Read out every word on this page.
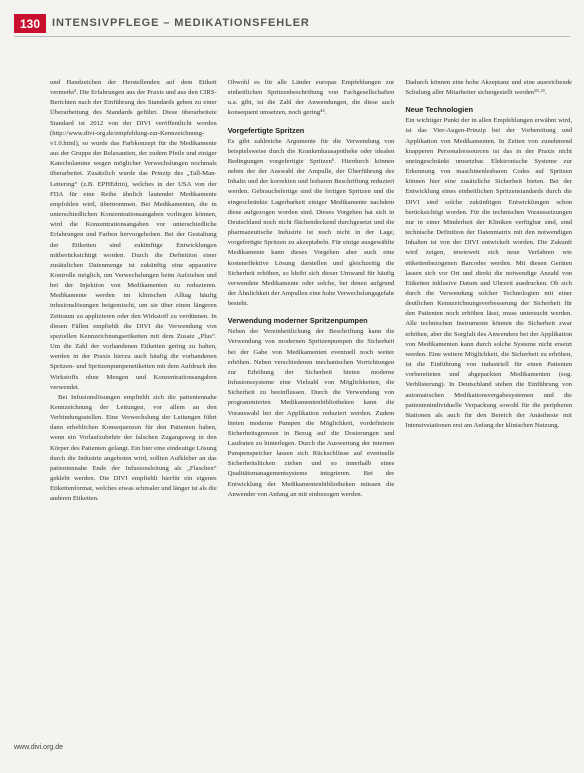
130	INTENSIVPFLEGE – MEDIKATIONSFEHLER

und Handzeichen der Herstellenden auf dem Etikett vermerkt³. Die Erfahrungen aus der Praxis und aus den CIRS-Berichten nach der Einführung des Standards geben zu einer Überarbeitung des Standards geführt. Diese überarbeitete Standard ist 2012 von der DIVI veröffentlicht worden (http://www.divi-org.de/empfehlung-zur-Kennzeichnung-v1.0.html), so wurde das Farbkonzept für die Medikamente aus der Gruppe der Relaxantien, der zudem Pfeile und einiger Katecholamine wegen möglicher Verwechslungen nochmals überarbeitet. Zusätzlich wurde das Prinzip des „Tall-Man-Lettering“ (z.B. EPHEdrin), welches in der USA von der FDA für eine Reihe ähnlich lautender Medikamente empfohlen wird, übernommen. Bei Medikamenten, die in unterschiedlichen Konzentrationsangaben vorliegen können, wird die Konzentrationsangaben vor unterschiedliche Erfahrungen und Farben hervorgehoben. Bei der Gestaltung der Etiketten sind zukünftige Entwicklungen mitberücksichtigt worden. Durch die Definition einer zusätzlichen Datenmenge ist zukünftig eine apparative Kontrolle möglich, um Verwechslungen beim Aufziehen und bei der Injektion von Medikamenten zu reduzieren. Medikamente werden im klinischen Alltag häufig infusionslösungen beigemischt, um sie über einen längeren Zeitraum zu applizieren oder den Wirkstoff zu verdünnen. In diesen Fällen empfiehlt die DIVI die Verwendung von speziellen Kennzeichnungsetiketten mit dem Zusatz „Plus“. Um die Zahl der vorhandenen Etiketten gering zu halten, werden in der Praxis hierzu auch häufig die vorhandenen Spritzen- und Spritzenpumpenetiketten mit dem Aufdruck des Wirkstoffs ohne Mengen und Konzentrationsangaben verwendet.

Bei Infusionslösungen empfiehlt sich die patientennahe Kennzeichnung der Leitungen, vor allem an den Verbindungsstellen. Eine Verwechslung der Leitungen führt dann erheblichen Konsequenzen für den Patienten haben, wenn ein Vorlaufzubehör der falschen Zugangsweg in den Körper des Patienten gelangt. Ein hier eine eindeutige Lösung durch die Industrie angeboten wird, sollten Aufkleber an das patientennahe Ende der Infusionsleitung als „Flaschen“ geklebt werden. Die DIVI empfiehlt hierfür ein eigenes Etikettenformat, welches etwas schmaler und länger ist als die anderen Etiketten.

Obwohl es für alle Länder europas Empfehlungen zur einheitlichen Spritzenbeschriftung von Fachgesellschaften u.a. gibt, ist die Zahl der Anwendungen, die diese auch konsequent umsetzen, noch gering⁴⁵.

Vorgefertigte Spritzen

Es gibt zahlreiche Argumente für die Verwendung von beispielsweise durch die Krankenhausapotheke oder idealen Bedingungen vorgefertigte Spritzen⁶. Hierdurch können neben der der Auswahl der Ampulle, der Überführung des Inhalts und der korrekten und lesbaren Beschriftung reduziert werden. Gebrauchsfertige sind die fertigen Spritzen und die eingeschränkte Lagerbarkeit einiger Medikamente nachdem diese aufgezogen worden sind. Dieses Vorgehen hat sich in Deutschland noch nicht flächendeckend durchgesetzt und die pharmazeutische Industrie ist noch nicht in der Lage, vorgefertigte Spritzen zu akzeptabeln. Für einige ausgewählte Medikamente kann dieses Vorgehen aber auch eine kosteneffektive Lösung darstellen und gleichzeitig die Sicherheit erhöhen, so bleibt sich dieser Umwand für häufig verwendete Medikamente oder solche, bei denen aufgrund der Ähnlichkeit der Ampullen eine hohe Verwechslungsgefahr besteht.

Verwendung moderner Spritzenpumpen

Neben der Vereinheitlichung der Beschriftung kann die Verwendung von modernen Spritzenpumpen die Sicherheit bei der Gabe von Medikamenten eventuell noch weiter erhöhen. Neben verschiedenen mechanischen Vorrichtungen zur Erhöhung der Sicherheit bieten moderne Infusionssysteme eine Vielzahl von Möglichkeiten, die Sicherheit zu beeinflussen. Durch die Verwendung von programmierten Medikamentenbibliotheken kann die Vorauswahl bei der Applikation reduziert werden. Zudem bieten moderne Pumpen die Möglichkeit, vordefinierte Sicherheitsgrenzen in Bezug auf die Dosierungen und Laufraten zu hinterlegen. Durch die Auswertung der internen Pumpenspeicher lassen sich Rückschlüsse auf eventuelle Sicherheitslücken ziehen und so innerhalb eines Qualitätsmanagementsystems integrieren. Bei der Entwicklung der Medikamentenbibliotheken müssen die Anwender von Anfang an mit einbezogen werden.

Dadurch können eine hohe Akzeptanz und eine ausreichende Schulung aller Mitarbeiter sichergestellt werden¹⁰·¹¹.

Neue Technologien

Ein wichtiger Punkt der in allen Empfehlungen erwähnt wird, ist das Vier-Augen-Prinzip bei der Vorbereitung und Applikation von Medikamenten. In Zeiten von zunehmend knapperen Personalressourcen ist das in der Praxis nicht uneingeschränkt umsetzbar. Elektronische Systeme zur Erkennung von maschinenlesbaren Codes auf Spritzen können hier eine zusätzliche Sicherheit bieten. Bei der Entwicklung eines einheitlichen Spritzenstandards durch die DIVI sind solche zukünftigen Entwicklungen schon berücksichtigt worden. Für die technischen Voraussetzungen nur in einer Minderheit der Kliniken verfügbar sind, sind technische Definition der Datenmatrix mit den notwendigen Inhalten ist von der DIVI entwickelt worden. Die Zukunft wird zeigen, inwieweit sich neue Verfahren wie etikettenbezogenen Barcodes werden. Mit diesen Geräten lassen sich vor Ort und direkt die notwendige Anzahl von Etiketten inklusive Datum und Uhrzeit ausdrucken. Ob sich durch die Verwendung solcher Technologien mit einer deutlichen Kennzeichnungsverbesserung der Sicherheit für den Patienten noch erhöhen lässt, muss untersucht werden. Alle technischen Instrumente können die Sicherheit zwar erhöhen, aber die Sorgfalt des Anwenders bei der Applikation von Medikamenten kann durch solche Systeme nicht ersetzt werden. Eine weitere Möglichkeit, die Sicherheit zu erhöhen, ist die Einführung von industriell für einen Patienten vorbereiteten und abgepackten Medikamenten (sog. Verblisterung). In Deutschland stehen die Einführung von automatischen Medikationsvergabesystemen und die patientenindividuelle Verpackung sowohl für die peripheren Stationen als auch für den Bereich der Anästhesie mit Intensivstationen erst am Anfang der klinischen Nutzung.

www.divi.org.de
